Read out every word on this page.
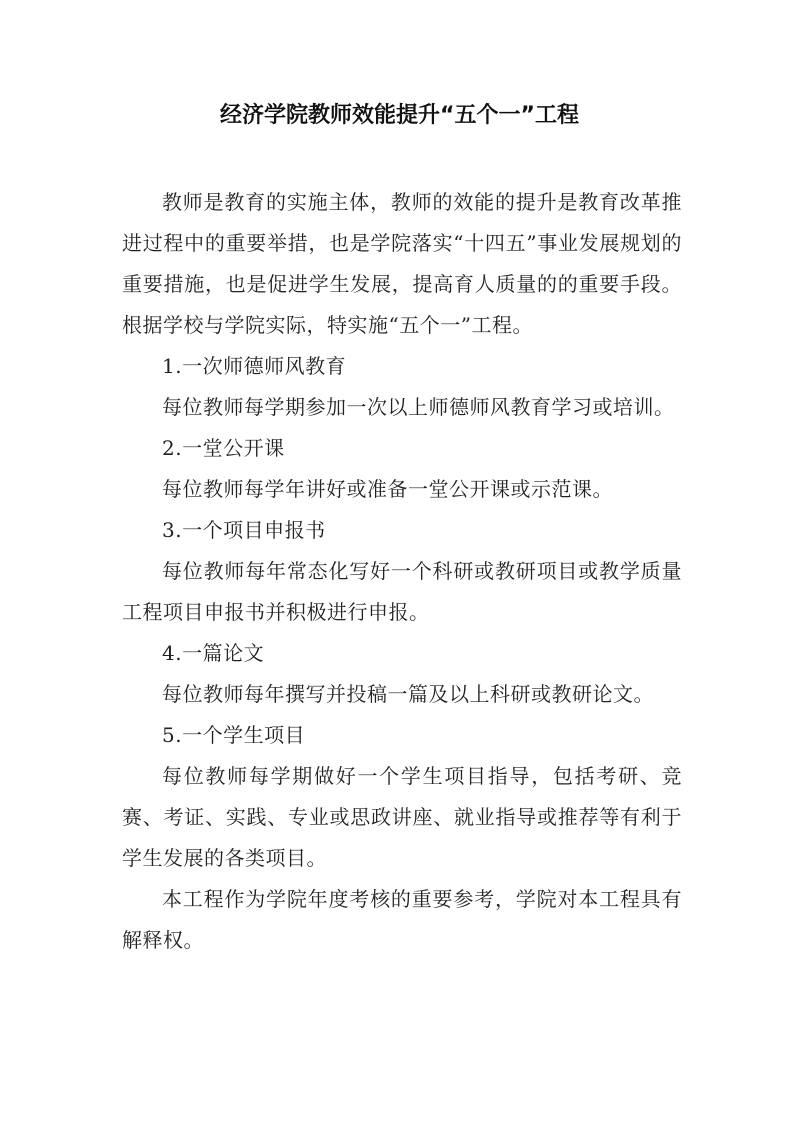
经济学院教师效能提升“五个一”工程

教师是教育的实施主体，教师的效能的提升是教育改革推进过程中的重要举措，也是学院落实“十四五”事业发展规划的重要措施，也是促进学生发展，提高育人质量的的重要手段。根据学校与学院实际，特实施“五个一”工程。

1.一次师德师风教育

每位教师每学期参加一次以上师德师风教育学习或培训。

2.一堂公开课

每位教师每学年讲好或准备一堂公开课或示范课。

3.一个项目申报书

每位教师每年常态化写好一个科研或教研项目或教学质量工程项目申报书并积极进行申报。

4.一篇论文

每位教师每年撰写并投稿一篇及以上科研或教研论文。

5.一个学生项目

每位教师每学期做好一个学生项目指导，包括考研、竞赛、考证、实践、专业或思政讲座、就业指导或推荐等有利于学生发展的各类项目。

本工程作为学院年度考核的重要参考，学院对本工程具有解释权。
